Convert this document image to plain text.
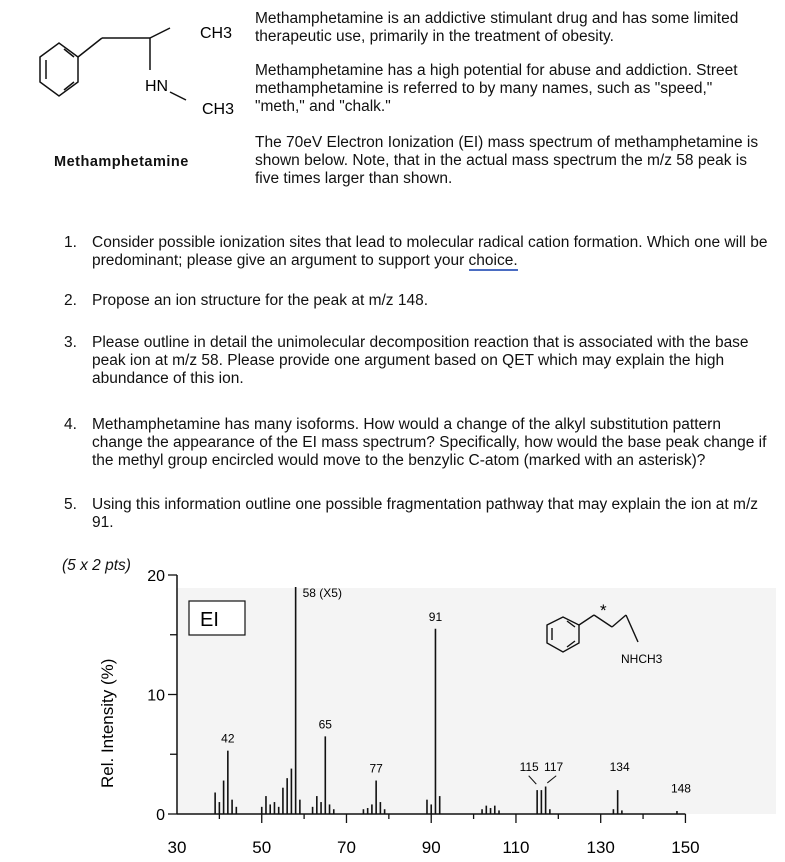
CH3
HN
CH3
Methamphetamine
Methamphetamine is an addictive stimulant drug and has some limited therapeutic use, primarily in the treatment of obesity.
Methamphetamine has a high potential for abuse and addiction. Street methamphetamine is referred to by many names, such as "speed," "meth," and "chalk."
The 70eV Electron Ionization (EI) mass spectrum of methamphetamine is shown below. Note, that in the actual mass spectrum the m/z 58 peak is five times larger than shown.
1. Consider possible ionization sites that lead to molecular radical cation formation. Which one will be predominant; please give an argument to support your choice.
2. Propose an ion structure for the peak at m/z 148.
3. Please outline in detail the unimolecular decomposition reaction that is associated with the base peak ion at m/z 58. Please provide one argument based on QET which may explain the high abundance of this ion.
4. Methamphetamine has many isoforms. How would a change of the alkyl substitution pattern change the appearance of the EI mass spectrum? Specifically, how would the base peak change if the methyl group encircled would move to the benzylic C-atom (marked with an asterisk)?
5. Using this information outline one possible fragmentation pathway that may explain the ion at m/z 91.
(5 x 2 pts)
0
10
20
30	50	70	90	110	130	150
58 (X5)
91
65
42
77	115 117	134
148
EI
Rel. Intensity (%)
*
NHCH3
